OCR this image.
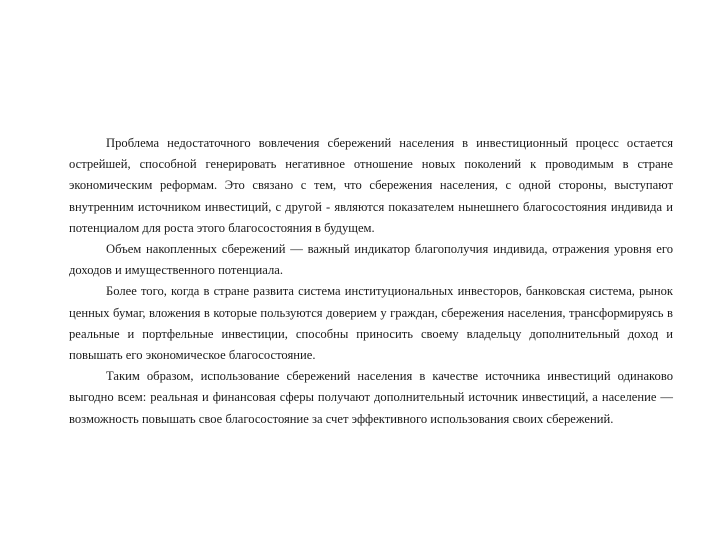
Проблема недостаточного вовлечения сбережений населения в инвестиционный процесс остается острейшей, способной генерировать негативное отношение новых поколений к проводимым в стране экономическим реформам. Это связано с тем, что сбережения населения, с одной стороны, выступают внутренним источником инвестиций, с другой - являются показателем нынешнего благосостояния индивида и потенциалом для роста этого благосостояния в будущем.

Объем накопленных сбережений — важный индикатор благополучия индивида, отражения уровня его доходов и имущественного потенциала.

Более того, когда в стране развита система институциональных инвесторов, банковская система, рынок ценных бумаг, вложения в которые пользуются доверием у граждан, сбережения населения, трансформируясь в реальные и портфельные инвестиции, способны приносить своему владельцу дополнительный доход и повышать его экономическое благосостояние.

Таким образом, использование сбережений населения в качестве источника инвестиций одинаково выгодно всем: реальная и финансовая сферы получают дополнительный источник инвестиций, а население — возможность повышать свое благосостояние за счет эффективного использования своих сбережений.
